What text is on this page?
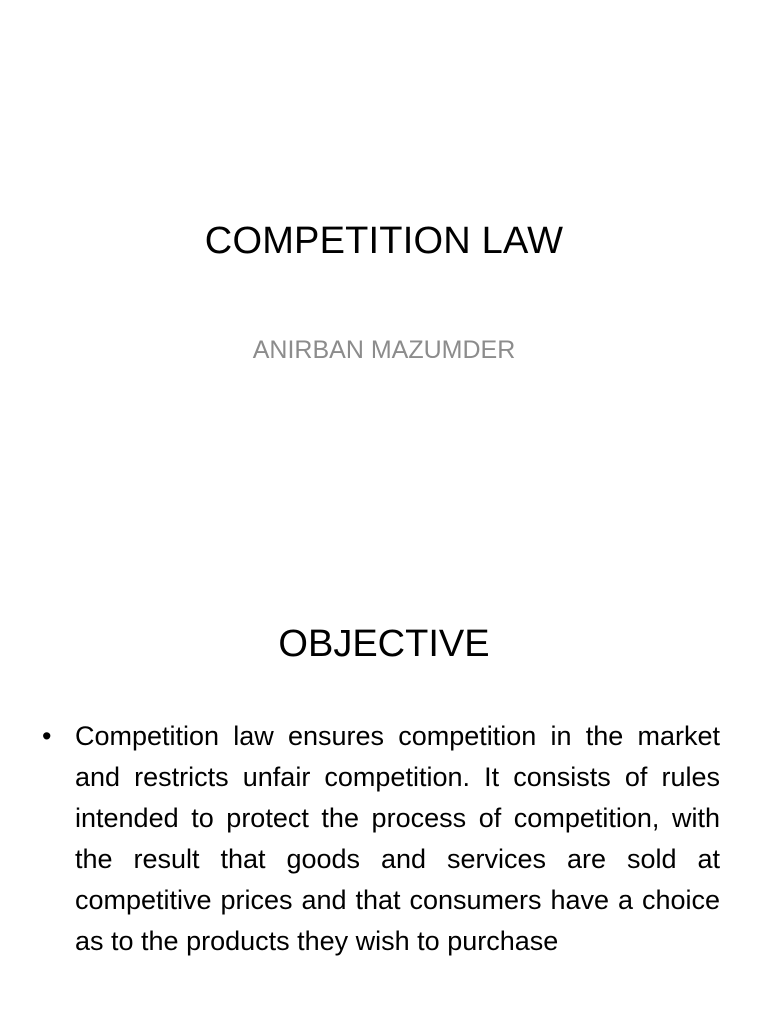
COMPETITION LAW
ANIRBAN MAZUMDER
OBJECTIVE
• Competition law ensures competition in the market and restricts unfair competition. It consists of rules intended to protect the process of competition, with the result that goods and services are sold at competitive prices and that consumers have a choice as to the products they wish to purchase
